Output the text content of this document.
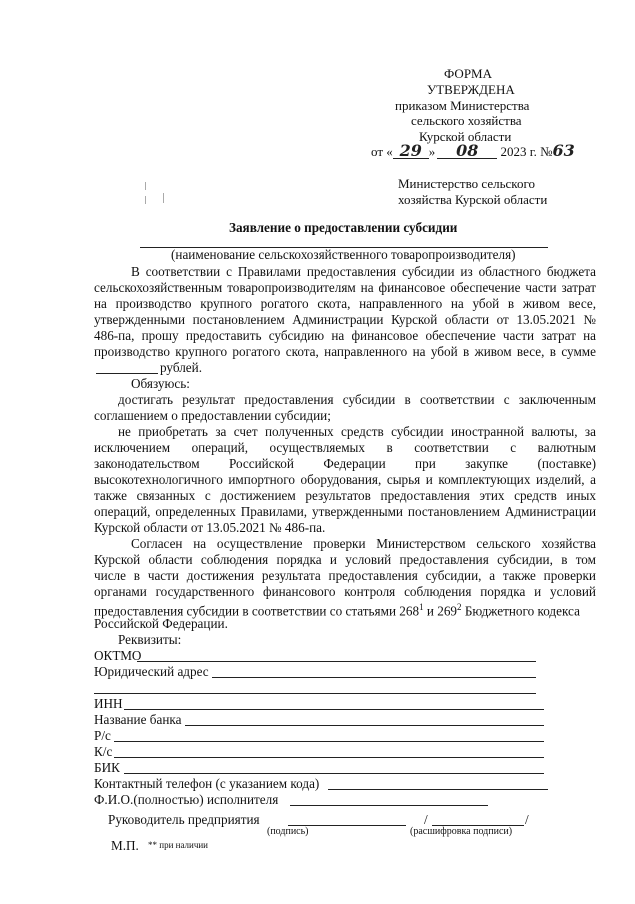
ФОРМА
УТВЕРЖДЕНА
приказом Министерства
сельского хозяйства
Курской области
от « 29 » 08 2023 г. №63
Министерство сельского
хозяйства Курской области
Заявление о предоставлении субсидии
(наименование сельскохозяйственного товаропроизводителя)
В соответствии с Правилами предоставления субсидии из областного бюджета
сельскохозяйственным товаропроизводителям на финансовое обеспечение части затрат
на производство крупного рогатого скота, направленного на убой в живом весе,
утвержденными постановлением Администрации Курской области от 13.05.2021 №
486-па, прошу предоставить субсидию на финансовое обеспечение части затрат на
производство крупного рогатого скота, направленного на убой в живом весе, в сумме
рублей.
Обязуюсь:
достигать результат предоставления субсидии в соответствии с заключенным
соглашением о предоставлении субсидии;
не приобретать за счет полученных средств субсидии иностранной валюты, за
исключением операций, осуществляемых в соответствии с валютным
законодательством Российской Федерации при закупке (поставке)
высокотехнологичного импортного оборудования, сырья и комплектующих изделий, а
также связанных с достижением результатов предоставления этих средств иных
операций, определенных Правилами, утвержденными постановлением Администрации
Курской области от 13.05.2021 № 486-па.
Согласен на осуществление проверки Министерством сельского хозяйства
Курской области соблюдения порядка и условий предоставления субсидии, в том
числе в части достижения результата предоставления субсидии, а также проверки
органами государственного финансового контроля соблюдения порядка и условий
предоставления субсидии в соответствии со статьями $268^1$ и $269^2$ Бюджетного кодекса
Российской Федерации.
Реквизиты:
ОКТМО
Юридический адрес
ИНН
Название банка
Р/с
К/с
БИК
Контактный телефон (с указанием кода)
Ф.И.О.(полностью) исполнителя
Руководитель предприятия	/	/
(подпись)	(расшифровка подписи)
М.П. ** при наличии
